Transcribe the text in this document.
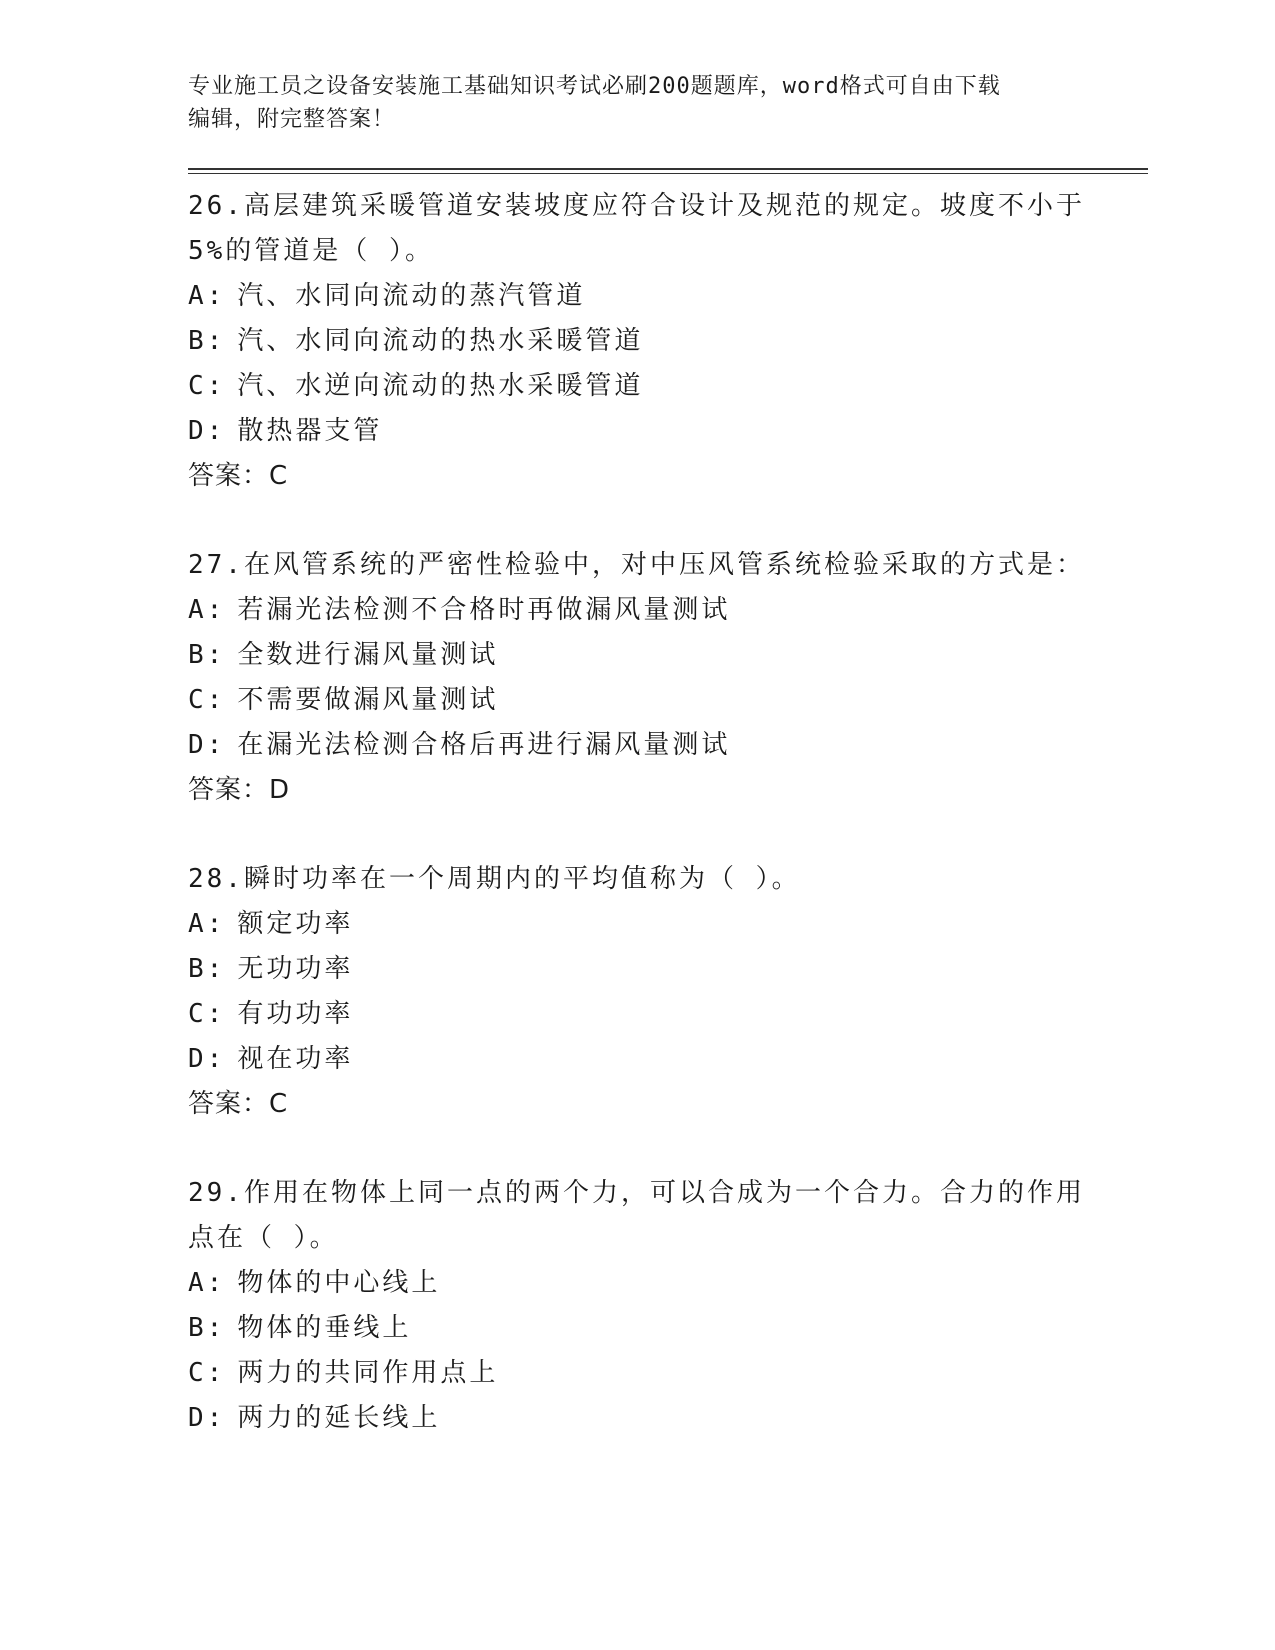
专业施工员之设备安装施工基础知识考试必刷200题题库，word格式可自由下载
编辑，附完整答案！

26.高层建筑采暖管道安装坡度应符合设计及规范的规定。坡度不小于5%的管道是（ ）。

A: 汽、水同向流动的蒸汽管道
B: 汽、水同向流动的热水采暖管道
C: 汽、水逆向流动的热水采暖管道
D: 散热器支管

答案：C

27.在风管系统的严密性检验中，对中压风管系统检验采取的方式是：

A: 若漏光法检测不合格时再做漏风量测试
B: 全数进行漏风量测试
C: 不需要做漏风量测试
D: 在漏光法检测合格后再进行漏风量测试

答案：D

28.瞬时功率在一个周期内的平均值称为（ ）。

A: 额定功率
B: 无功功率
C: 有功功率
D: 视在功率

答案：C

29.作用在物体上同一点的两个力，可以合成为一个合力。合力的作用点在（ ）。

A: 物体的中心线上
B: 物体的垂线上
C: 两力的共同作用点上
D: 两力的延长线上
